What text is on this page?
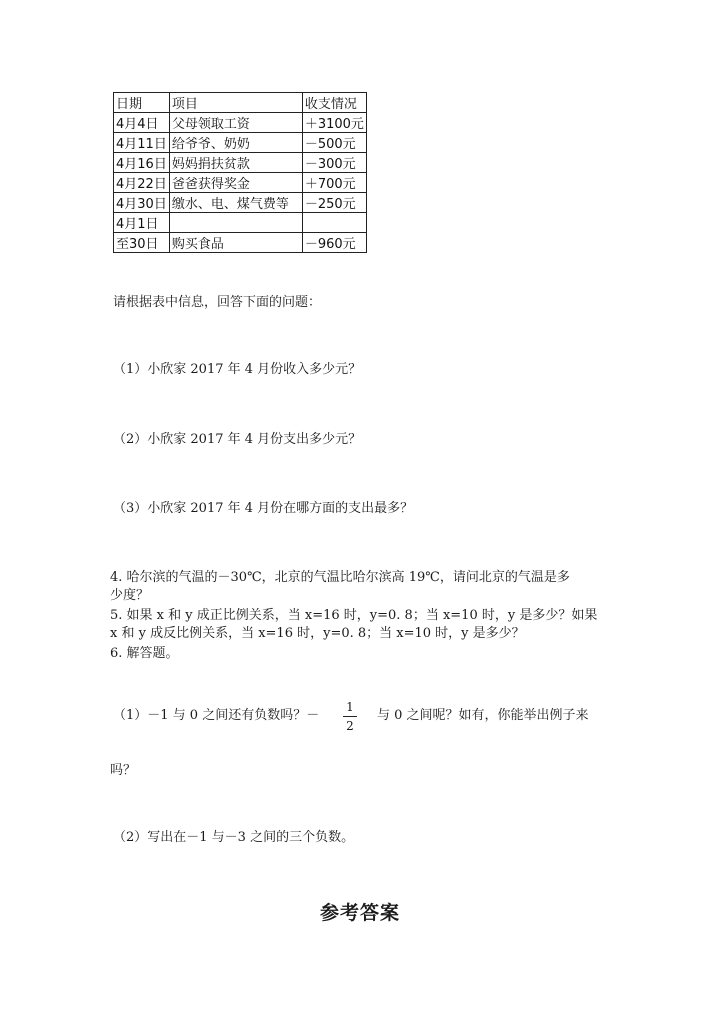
日期	项目	收支情况
4月4日	父母领取工资	＋3100元
4月11日	给爷爷、奶奶	－500元
4月16日	妈妈捐扶贫款	－300元
4月22日	爸爸获得奖金	＋700元
4月30日	缴水、电、煤气费等	－250元
4月1日		
至30日	购买食品	－960元
请根据表中信息，回答下面的问题：
（1）小欣家 2017 年 4 月份收入多少元？
（2）小欣家 2017 年 4 月份支出多少元？
（3）小欣家 2017 年 4 月份在哪方面的支出最多？
4. 哈尔滨的气温的－30℃，北京的气温比哈尔滨高 19℃，请问北京的气温是多
少度？
5. 如果 x 和 y 成正比例关系，当 x=16 时，y=0. 8；当 x=10 时，y 是多少？如果
x 和 y 成反比例关系，当 x=16 时，y=0. 8；当 x=10 时，y 是多少？
6. 解答题。
（1）－1 与 0 之间还有负数吗？－
1
2
与 0 之间呢？如有，你能举出例子来
吗？
（2）写出在－1 与－3 之间的三个负数。
参考答案
